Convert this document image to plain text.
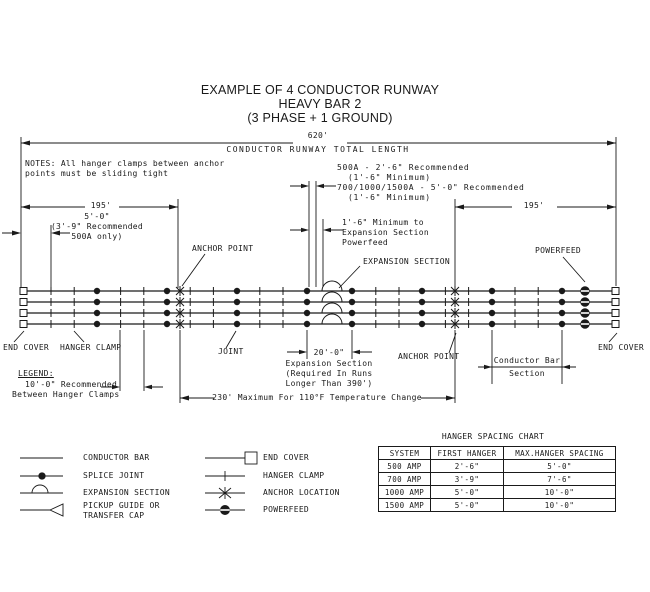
EXAMPLE OF 4 CONDUCTOR RUNWAY
HEAVY BAR 2
(3 PHASE + 1 GROUND)
620'
CONDUCTOR RUNWAY TOTAL LENGTH
NOTES: All hanger clamps between anchor
points must be sliding tight
195'	195'
5'-0"
(3'-9" Recommended
500A only)
500A - 2'-6" Recommended
(1'-6" Minimum)
700/1000/1500A - 5'-0" Recommended
(1'-6" Minimum)
1'-6" Minimum to
Expansion Section
Powerfeed
ANCHOR POINT
EXPANSION SECTION
POWERFEED
END COVER HANGER CLAMP	JOINT	20'-0"
Expansion Section
(Required In Runs
Longer Than 390')
ANCHOR POINT	Conductor Bar
Section
END COVER
LEGEND:
10'-0" Recommended
Between Hanger Clamps	230' Maximum For 110°F Temperature Change
CONDUCTOR BAR
SPLICE JOINT
EXPANSION SECTION
PICKUP GUIDE OR
TRANSFER CAP
END COVER
HANGER CLAMP
ANCHOR LOCATION
POWERFEED
HANGER SPACING CHART
SYSTEM	FIRST HANGER	MAX.HANGER SPACING
500 AMP	2'-6"	5'-0"
700 AMP	3'-9"	7'-6"
1000 AMP	5'-0"	10'-0"
1500 AMP	5'-0"	10'-0"
